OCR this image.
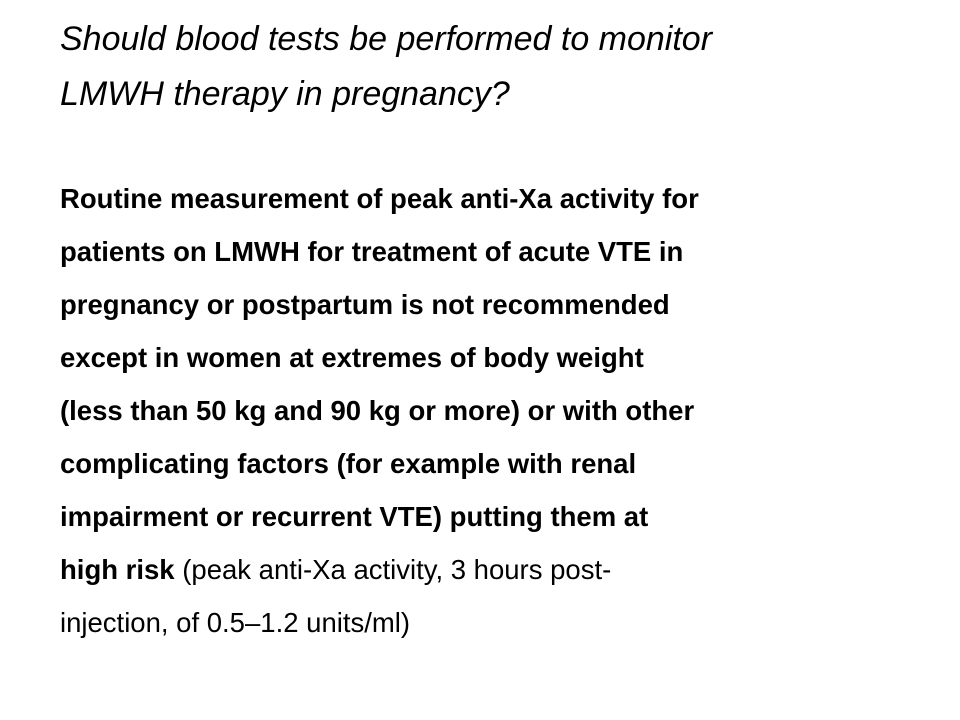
Should blood tests be performed to monitor
LMWH therapy in pregnancy?

Routine measurement of peak anti-Xa activity for
patients on LMWH for treatment of acute VTE in

pregnancy or postpartum is not recommended
except in women at extremes of body weight
(less than 50 kg and 90 kg or more) or with other

complicating factors (for example with renal
impairment or recurrent VTE) putting them at
high risk (peak anti-Xa activity, 3 hours post-
injection, of 0.5–1.2 units/ml)
